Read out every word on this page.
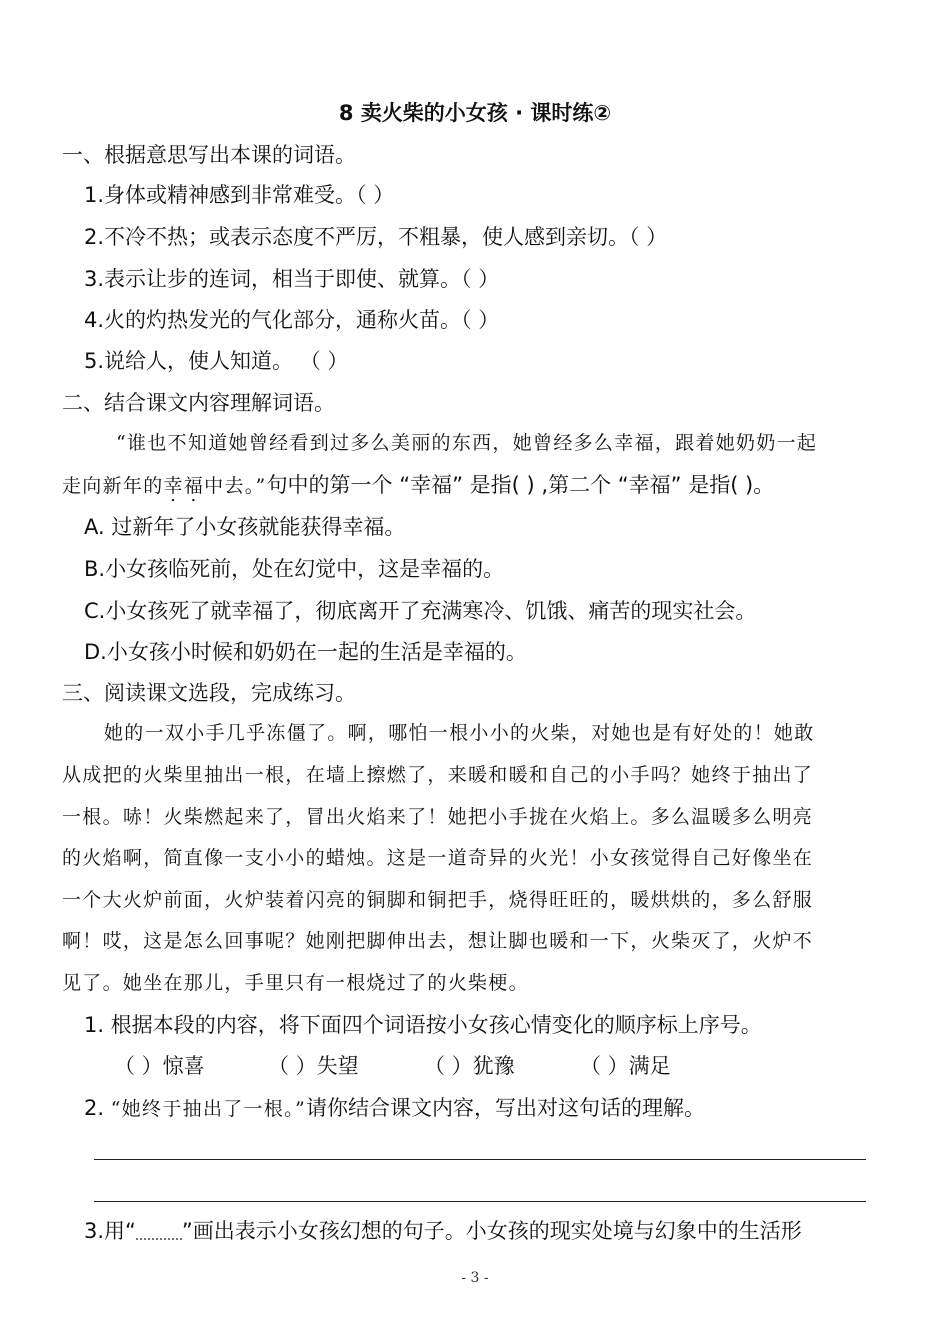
8 卖火柴的小女孩 · 课时练②
一、根据意思写出本课的词语。
1.身体或精神感到非常难受。（ ）
2.不冷不热；或表示态度不严厉，不粗暴，使人感到亲切。（ ）
3.表示让步的连词，相当于即使、就算。（ ）
4.火的灼热发光的气化部分，通称火苗。（ ）
5.说给人，使人知道。 （ ）
二、结合课文内容理解词语。
“谁也不知道她曾经看到过多么美丽的东西，她曾经多么幸福，跟着她奶奶一起
走向新年的幸福中去。”句中的第一个 “幸福” 是指( ) ,第二个 “幸福” 是指( )。
A. 过新年了小女孩就能获得幸福。
B.小女孩临死前，处在幻觉中，这是幸福的。
C.小女孩死了就幸福了，彻底离开了充满寒冷、饥饿、痛苦的现实社会。
D.小女孩小时候和奶奶在一起的生活是幸福的。
三、阅读课文选段，完成练习。
她的一双小手几乎冻僵了。啊，哪怕一根小小的火柴，对她也是有好处的！她敢
从成把的火柴里抽出一根，在墙上擦燃了，来暖和暖和自己的小手吗？她终于抽出了
一根。哧！火柴燃起来了，冒出火焰来了！她把小手拢在火焰上。多么温暖多么明亮
的火焰啊，简直像一支小小的蜡烛。这是一道奇异的火光！小女孩觉得自己好像坐在
一个大火炉前面，火炉装着闪亮的铜脚和铜把手，烧得旺旺的，暖烘烘的，多么舒服
啊！哎，这是怎么回事呢？她刚把脚伸出去，想让脚也暖和一下，火柴灭了，火炉不
见了。她坐在那儿，手里只有一根烧过了的火柴梗。
1. 根据本段的内容，将下面四个词语按小女孩心情变化的顺序标上序号。
（ ）惊喜	（ ）失望	（ ）犹豫	（ ）满足
2. “她终于抽出了一根。”请你结合课文内容，写出对这句话的理解。
3.用“ ”画出表示小女孩幻想的句子。小女孩的现实处境与幻象中的生活形
- 3 -
